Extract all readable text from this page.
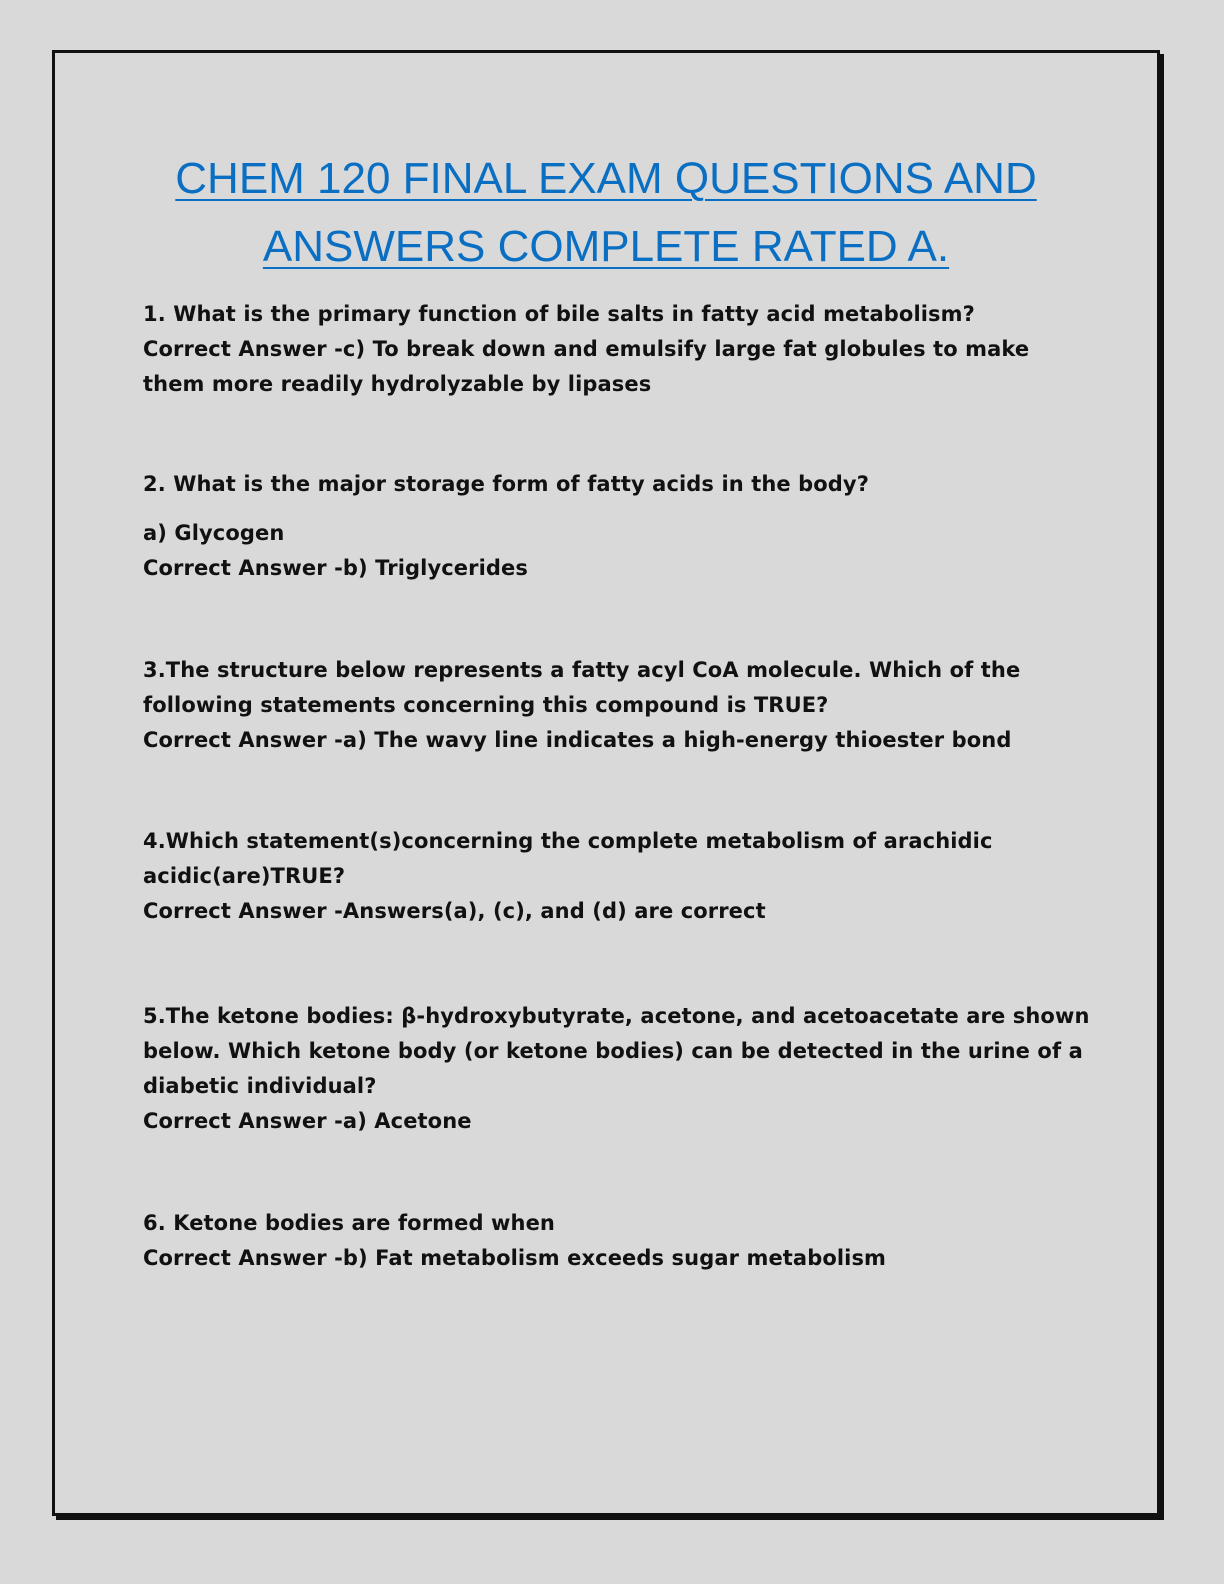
CHEM 120 FINAL EXAM QUESTIONS AND
ANSWERS COMPLETE RATED A.

1. What is the primary function of bile salts in fatty acid metabolism?

Correct Answer -c) To break down and emulsify large fat globules to make them more readily hydrolyzable by lipases

2. What is the major storage form of fatty acids in the body?

a) Glycogen

Correct Answer -b) Triglycerides

3.The structure below represents a fatty acyl CoA molecule. Which of the following statements concerning this compound is TRUE?

Correct Answer -a) The wavy line indicates a high-energy thioester bond

4.Which statement(s)concerning the complete metabolism of arachidic acidic(are)TRUE?

Correct Answer -Answers(a), (c), and (d) are correct

5.The ketone bodies: β-hydroxybutyrate, acetone, and acetoacetate are shown below. Which ketone body (or ketone bodies) can be detected in the urine of a diabetic individual?

Correct Answer -a) Acetone

6. Ketone bodies are formed when

Correct Answer -b) Fat metabolism exceeds sugar metabolism
